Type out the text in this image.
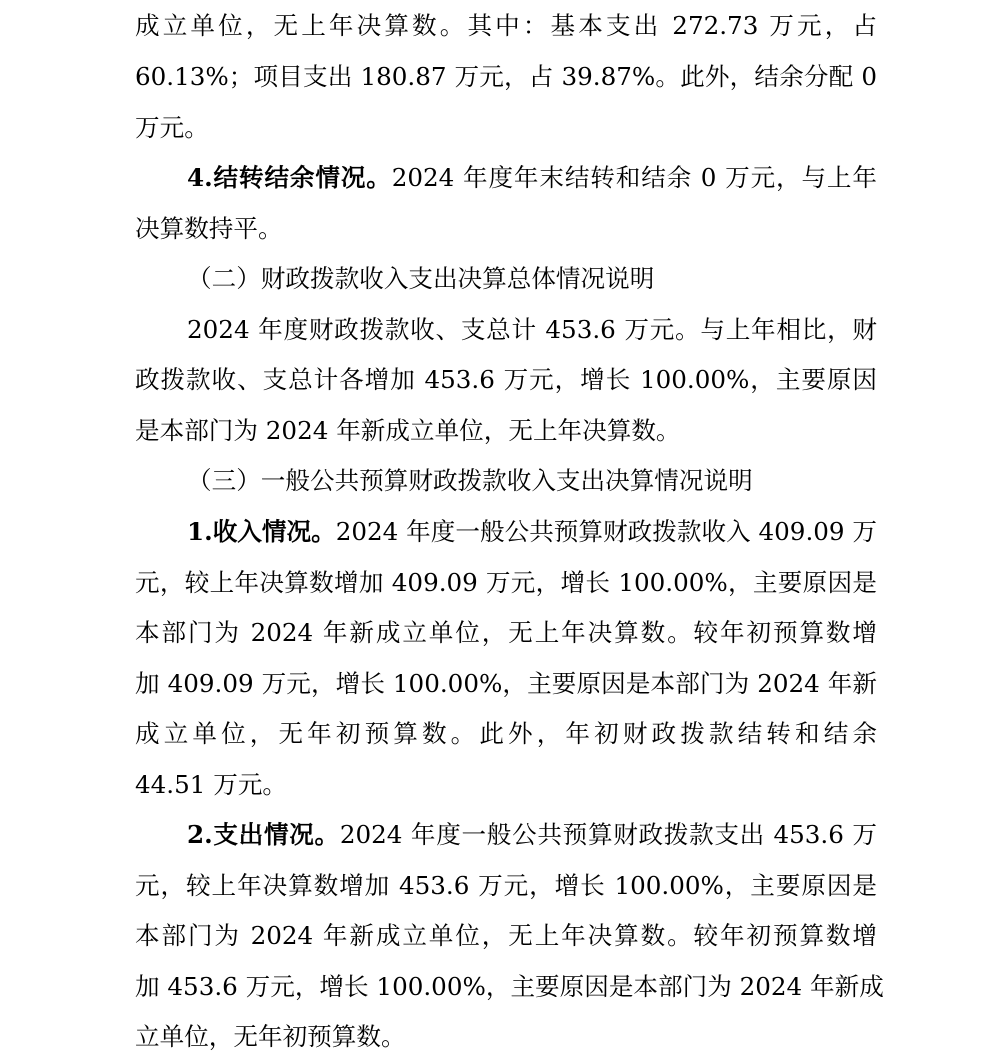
成立单位，无上年决算数。其中：基本支出 272.73 万元，占
60.13%；项目支出 180.87 万元，占 39.87%。此外，结余分配 0
万元。
4.结转结余情况。2024 年度年末结转和结余 0 万元，与上年
决算数持平。
（二）财政拨款收入支出决算总体情况说明
2024 年度财政拨款收、支总计 453.6 万元。与上年相比，财
政拨款收、支总计各增加 453.6 万元，增长 100.00%，主要原因
是本部门为 2024 年新成立单位，无上年决算数。
（三）一般公共预算财政拨款收入支出决算情况说明
1.收入情况。2024 年度一般公共预算财政拨款收入 409.09 万
元，较上年决算数增加 409.09 万元，增长 100.00%，主要原因是
本部门为 2024 年新成立单位，无上年决算数。较年初预算数增
加 409.09 万元，增长 100.00%，主要原因是本部门为 2024 年新
成立单位，无年初预算数。此外，年初财政拨款结转和结余
44.51 万元。
2.支出情况。2024 年度一般公共预算财政拨款支出 453.6 万
元，较上年决算数增加 453.6 万元，增长 100.00%，主要原因是
本部门为 2024 年新成立单位，无上年决算数。较年初预算数增
加 453.6 万元，增长 100.00%，主要原因是本部门为 2024 年新成
立单位，无年初预算数。
